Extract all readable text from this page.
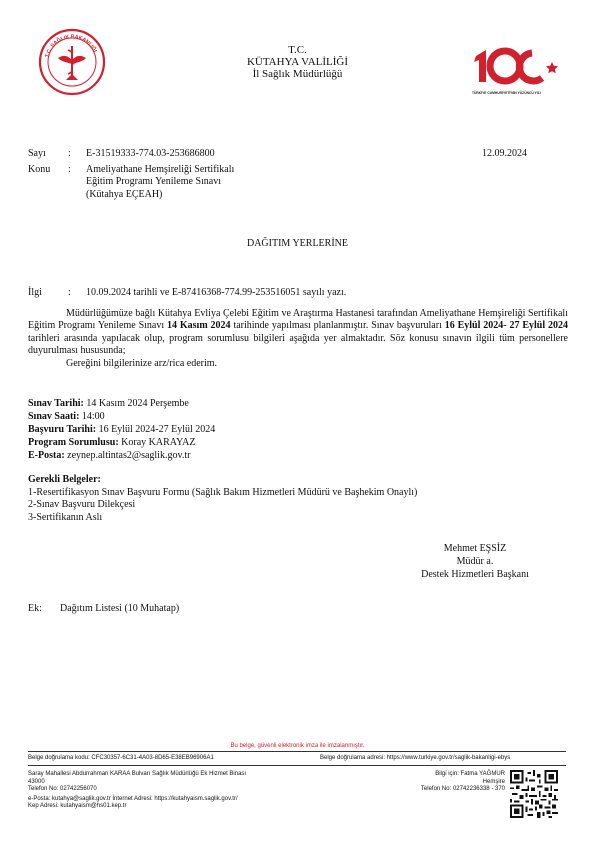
T.C. SAĞLIK BAKANLIĞI	T.C.
KÜTAHYA VALİLİĞİ
İl Sağlık Müdürlüğü
TÜRKİYE CUMHURİYETİ'NİN YÜZÜNCÜ YILI
Sayı : E-31519333-774.03-253686800	12.09.2024
Konu : Ameliyathane Hemşireliği Sertifikalı
Eğitim Programı Yenileme Sınavı
(Kütahya EÇEAH)
DAĞITIM YERLERİNE
İlgi	: 10.09.2024 tarihli ve E-87416368-774.99-253516051 sayılı yazı.
Müdürlüğümüze bağlı Kütahya Evliya Çelebi Eğitim ve Araştırma Hastanesi tarafından Ameliyathane Hemşireliği Sertifikalı Eğitim Programı Yenileme Sınavı 14 Kasım 2024 tarihinde yapılması planlanmıştır. Sınav başvuruları 16 Eylül 2024- 27 Eylül 2024 tarihleri arasında yapılacak olup, program sorumlusu bilgileri aşağıda yer almaktadır. Söz konusu sınavın ilgili tüm personellere duyurulması hususunda;
Gereğini bilgilerinize arz/rica ederim.
Sınav Tarihi: 14 Kasım 2024 Perşembe
Sınav Saati: 14:00
Başvuru Tarihi: 16 Eylül 2024-27 Eylül 2024
Program Sorumlusu: Koray KARAYAZ
E-Posta: zeynep.altintas2@saglik.gov.tr
Gerekli Belgeler:
1-Resertifikasyon Sınav Başvuru Formu (Sağlık Bakım Hizmetleri Müdürü ve Başhekim Onaylı)
2-Sınav Başvuru Dilekçesi
3-Sertifikanın Aslı
Mehmet EŞSİZ
Müdür a.
Destek Hizmetleri Başkanı
Ek: Dağıtım Listesi (10 Muhatap)
Bu belge, güvenli elektronik imza ile imzalanmıştır.
Belge doğrulama kodu: CFC30357-6C31-4A03-8D65-E38EB96906A1	Belge doğrulama adresi: https://www.turkiye.gov.tr/saglik-bakanligi-ebys
Saray Mahallesi Abdurrahman KARAA Bulvarı Sağlık Müdürlüğü Ek Hizmet Binası
43000
Telefon No: 02742256070
e-Posta: kutahya@saglik.gov.tr İnternet Adresi: https://kutahyaism.saglik.gov.tr/
Kep Adresi: kutahyaism@hs01.kep.tr
Bilgi için: Fatma YAĞMUR
Hemşire
Telefon No: 02742236338 - 370
